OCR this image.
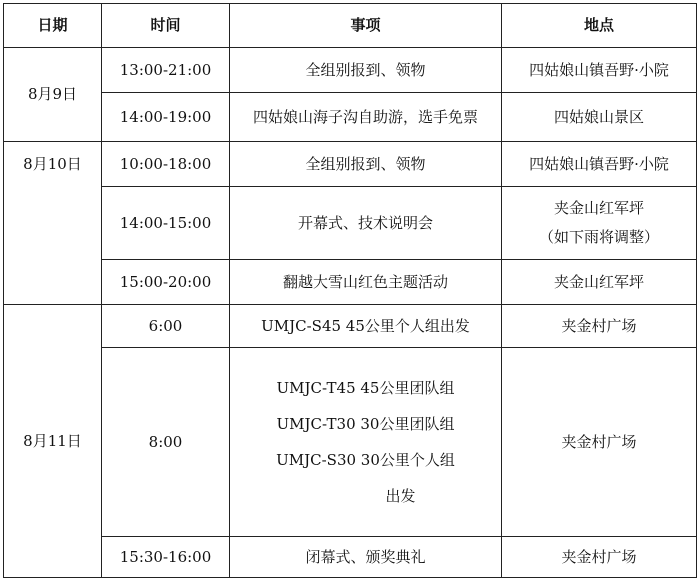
日期	时间	事项	地点
8月9日	13:00-21:00	全组别报到、领物	四姑娘山镇吾野·小院

	14:00-19:00	四姑娘山海子沟自助游，选手免票	四姑娘山景区

8月10日	10:00-18:00	全组别报到、领物	四姑娘山镇吾野·小院

	14:00-15:00	开幕式、技术说明会	夹金山红军坪
（如下雨将调整）

	15:00-20:00	翻越大雪山红色主题活动	夹金山红军坪

8月11日	6:00	UMJC-S45 45公里个人组出发	夹金村广场

	8:00	UMJC-T45 45公里团队组
UMJC-T30 30公里团队组
UMJC-S30 30公里个人组
出发	夹金村广场

	15:30-16:00	闭幕式、颁奖典礼	夹金村广场
